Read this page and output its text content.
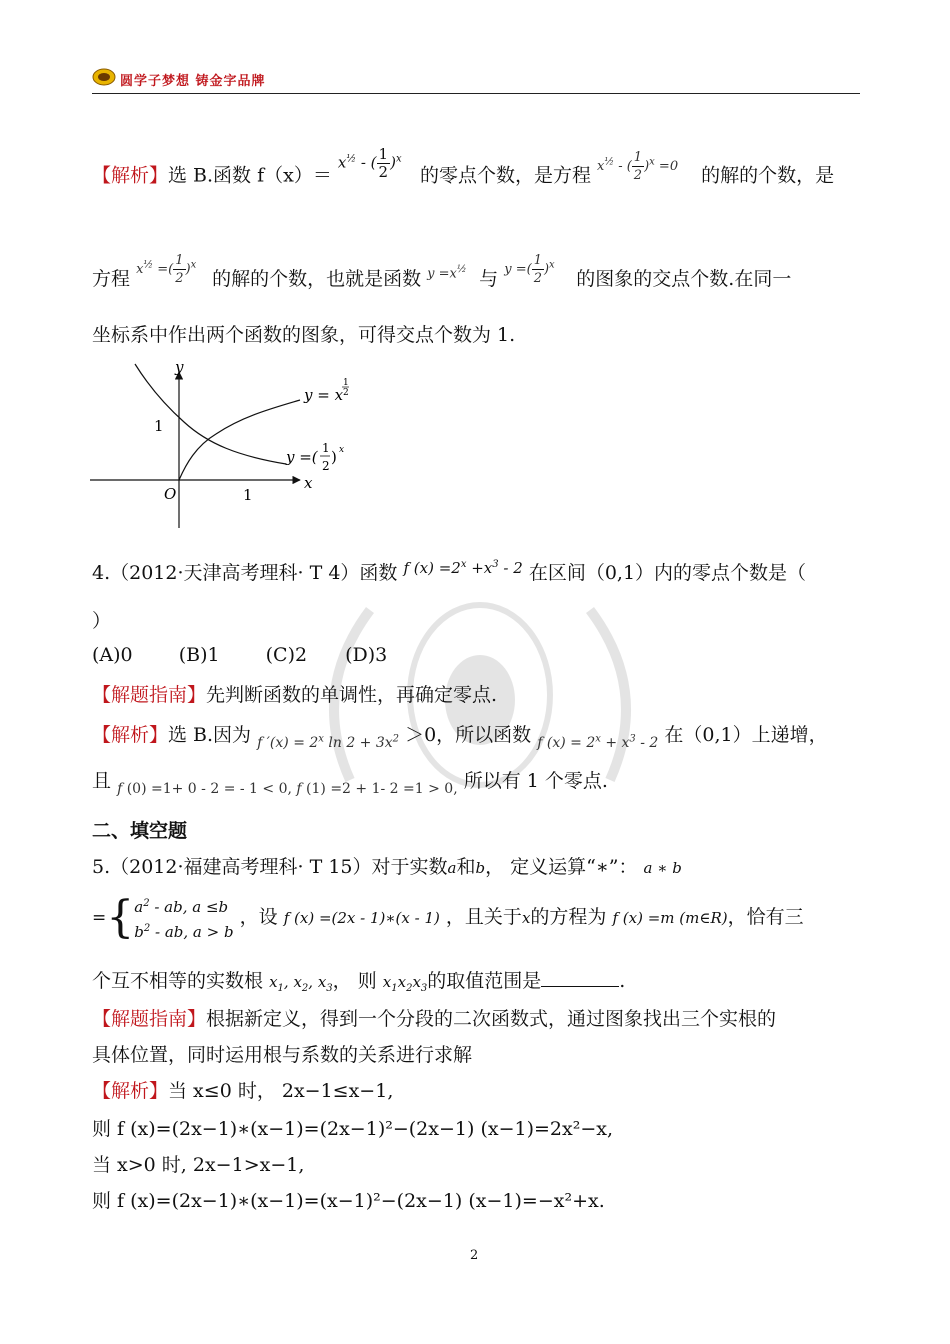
圆学子梦想 铸金字品牌
【解析】选 B.函数 $f(x)= x^{\frac{1}{2}}$ - ( $\frac{1}{2} )^x$ 的零点个数，是方程 $x^{\frac{1}{2}}$ - ( $\frac{1}{2} )^x =0$ 的解的个数，是
方程 $x^{\frac{1}{2}}$ =( $\frac{1}{2} )^x$ 的解的个数，也就是函数 $y =x^{\frac{1}{2}}$ 与 y =( $\frac{1}{2} )^x$ 的图象的交点个数.在同一
坐标系中作出两个函数的图象，可得交点个数为 1.
y
x
O
1
1
y = x
1
2
y =( 1
2 ) x
4.（2012·天津高考理科· T 4）函数 $^{f (x) =2^x +x^3 - 2}$ 在区间（0,1）内的零点个数是（
）
(A)0 (B)1 (C)2 (D)3
【解题指南】先判断函数的单调性，再确定零点.
【解析】选 B.因为 $_{f '(x) = 2^x ln 2 + 3x^2}$ ＞0，所以函数 $_{f (x) = 2^x + x^3 - 2}$ 在（0,1）上递增，
且 $_{f (0) =1+ 0 - 2 = - 1 < 0, f (1) =2 + 1- 2 =1 > 0,}$ 所以有 1 个零点.
二、填空题
5.（2012·福建高考理科· T 15）对于实数a和b， 定义运算“∗”： a ∗ b
$=\{a^2$ - ab, a ≤b
$b^2$ - ab, a > b ，设 f (x) =(2x - 1)∗(x - 1) ，且关于x的方程为 f (x) =m (m∈R)，恰有三
个互不相等的实数根 $x_1$, $x_2$, $x_3$， 则 $x_1x_2x_3$的取值范围是	.
【解题指南】根据新定义，得到一个分段的二次函数式，通过图象找出三个实根的
具体位置，同时运用根与系数的关系进行求解
【解析】当 x≤0 时， 2x−1≤x−1,
则 f (x)=(2x−1)∗(x−1)=(2x−1)²−(2x−1) (x−1)=2x²−x,
当 x>0 时, 2x−1>x−1,
则 f (x)=(2x−1)∗(x−1)=(x−1)²−(2x−1) (x−1)=−x²+x.
2
